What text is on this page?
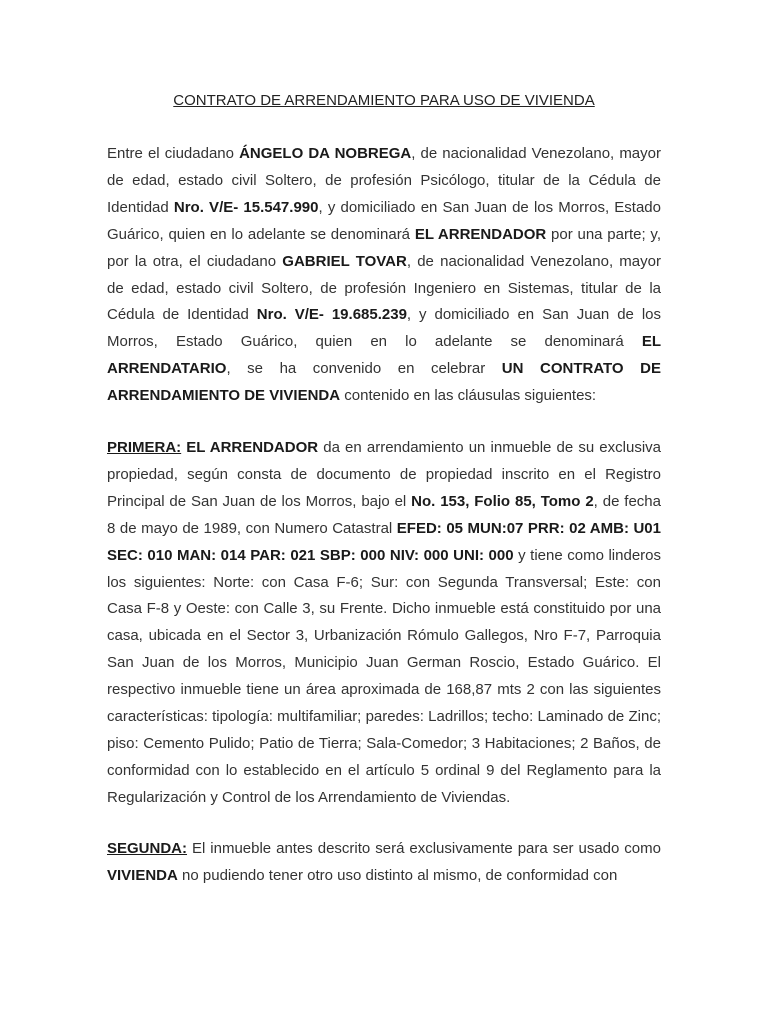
CONTRATO DE ARRENDAMIENTO PARA USO DE VIVIENDA
Entre el ciudadano ÁNGELO DA NOBREGA, de nacionalidad Venezolano, mayor de edad, estado civil Soltero, de profesión Psicólogo, titular de la Cédula de Identidad Nro. V/E- 15.547.990, y domiciliado en San Juan de los Morros, Estado Guárico, quien en lo adelante se denominará EL ARRENDADOR por una parte; y, por la otra, el ciudadano GABRIEL TOVAR, de nacionalidad Venezolano, mayor de edad, estado civil Soltero, de profesión Ingeniero en Sistemas, titular de la Cédula de Identidad Nro. V/E- 19.685.239, y domiciliado en San Juan de los Morros, Estado Guárico, quien en lo adelante se denominará EL ARRENDATARIO, se ha convenido en celebrar UN CONTRATO DE ARRENDAMIENTO DE VIVIENDA contenido en las cláusulas siguientes:
PRIMERA: EL ARRENDADOR da en arrendamiento un inmueble de su exclusiva propiedad, según consta de documento de propiedad inscrito en el Registro Principal de San Juan de los Morros, bajo el No. 153, Folio 85, Tomo 2, de fecha 8 de mayo de 1989, con Numero Catastral EFED: 05 MUN:07 PRR: 02 AMB: U01 SEC: 010 MAN: 014 PAR: 021 SBP: 000 NIV: 000 UNI: 000 y tiene como linderos los siguientes: Norte: con Casa F-6; Sur: con Segunda Transversal; Este: con Casa F-8 y Oeste: con Calle 3, su Frente. Dicho inmueble está constituido por una casa, ubicada en el Sector 3, Urbanización Rómulo Gallegos, Nro F-7, Parroquia San Juan de los Morros, Municipio Juan German Roscio, Estado Guárico. El respectivo inmueble tiene un área aproximada de 168,87 mts 2 con las siguientes características: tipología: multifamiliar; paredes: Ladrillos; techo: Laminado de Zinc; piso: Cemento Pulido; Patio de Tierra; Sala-Comedor; 3 Habitaciones; 2 Baños, de conformidad con lo establecido en el artículo 5 ordinal 9 del Reglamento para la Regularización y Control de los Arrendamiento de Viviendas.
SEGUNDA: El inmueble antes descrito será exclusivamente para ser usado como VIVIENDA no pudiendo tener otro uso distinto al mismo, de conformidad con
